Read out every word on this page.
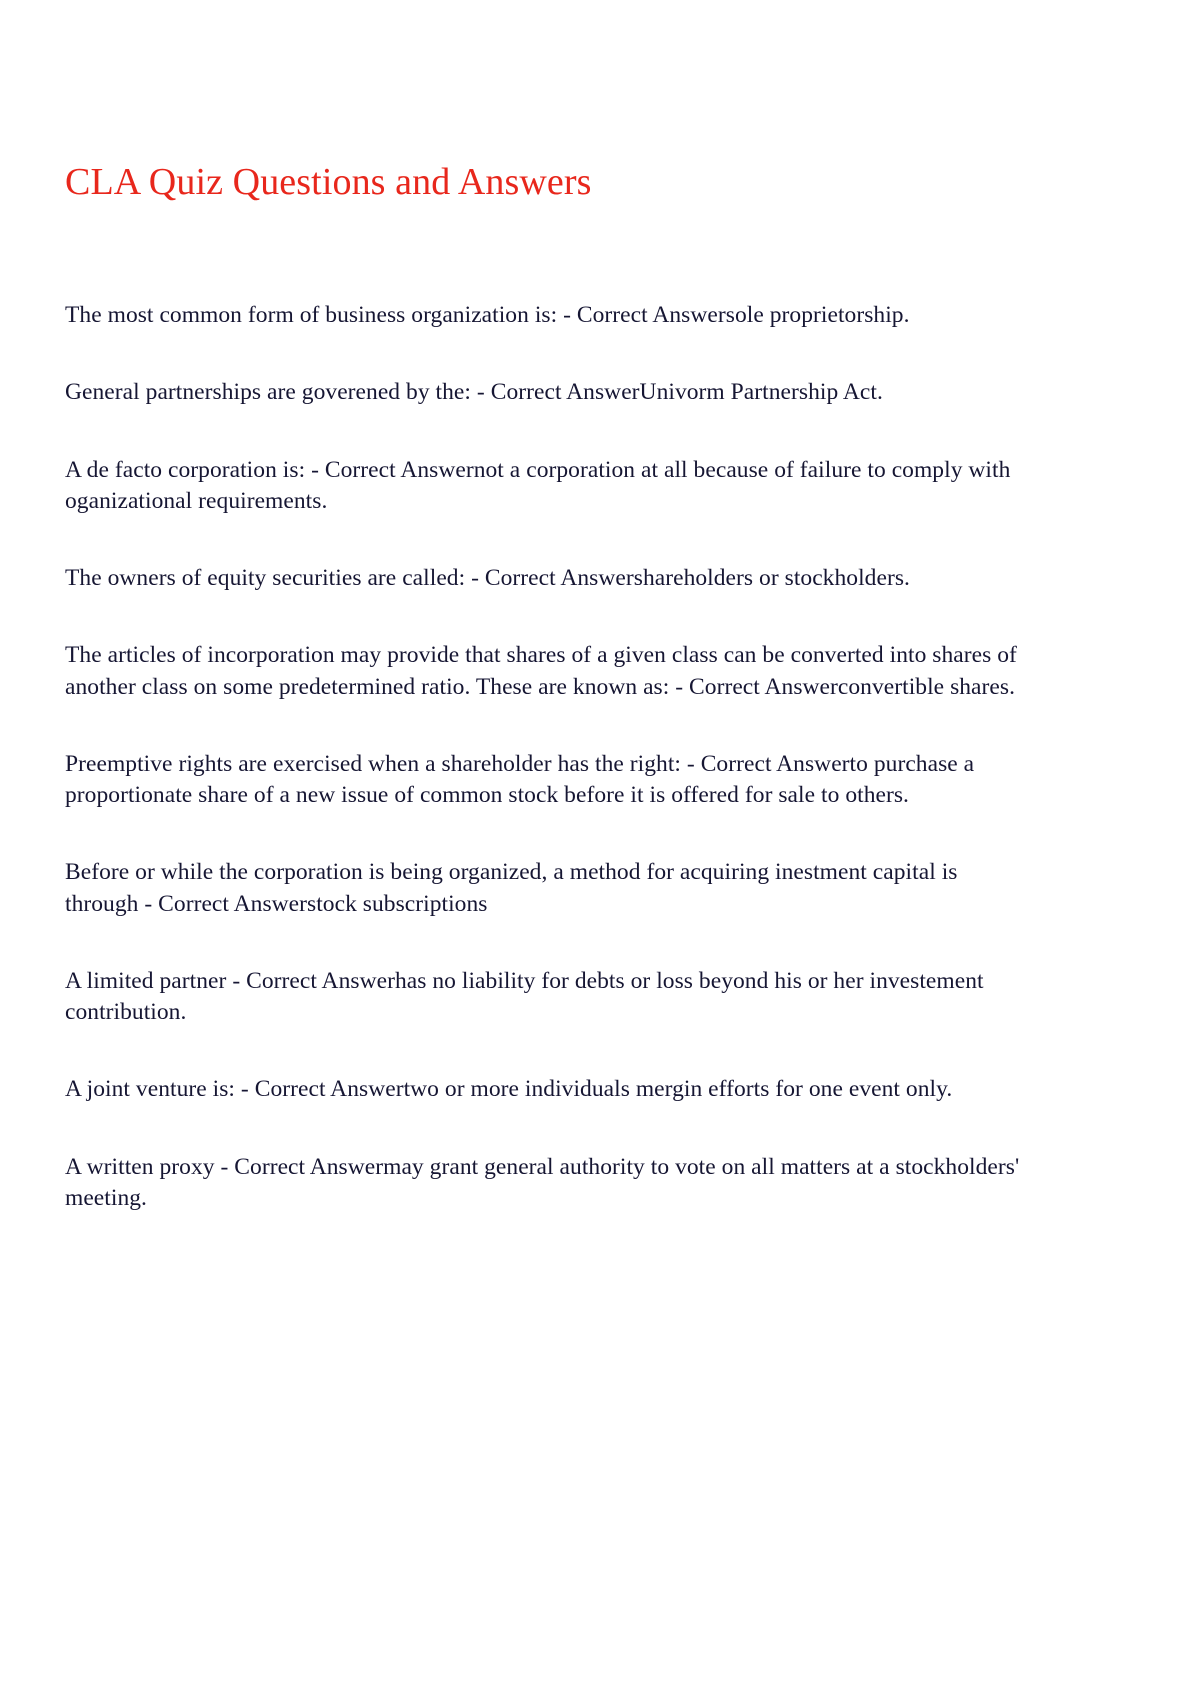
CLA Quiz Questions and Answers

The most common form of business organization is: - Correct Answersole proprietorship.

General partnerships are goverened by the: - Correct AnswerUnivorm Partnership Act.

A de facto corporation is: - Correct Answernot a corporation at all because of failure to comply with oganizational requirements.

The owners of equity securities are called: - Correct Answershareholders or stockholders.

The articles of incorporation may provide that shares of a given class can be converted into shares of another class on some predetermined ratio. These are known as: - Correct Answerconvertible shares.

Preemptive rights are exercised when a shareholder has the right: - Correct Answerto purchase a proportionate share of a new issue of common stock before it is offered for sale to others.

Before or while the corporation is being organized, a method for acquiring inestment capital is through - Correct Answerstock subscriptions

A limited partner - Correct Answerhas no liability for debts or loss beyond his or her investement contribution.

A joint venture is: - Correct Answertwo or more individuals mergin efforts for one event only.

A written proxy - Correct Answermay grant general authority to vote on all matters at a stockholders' meeting.
